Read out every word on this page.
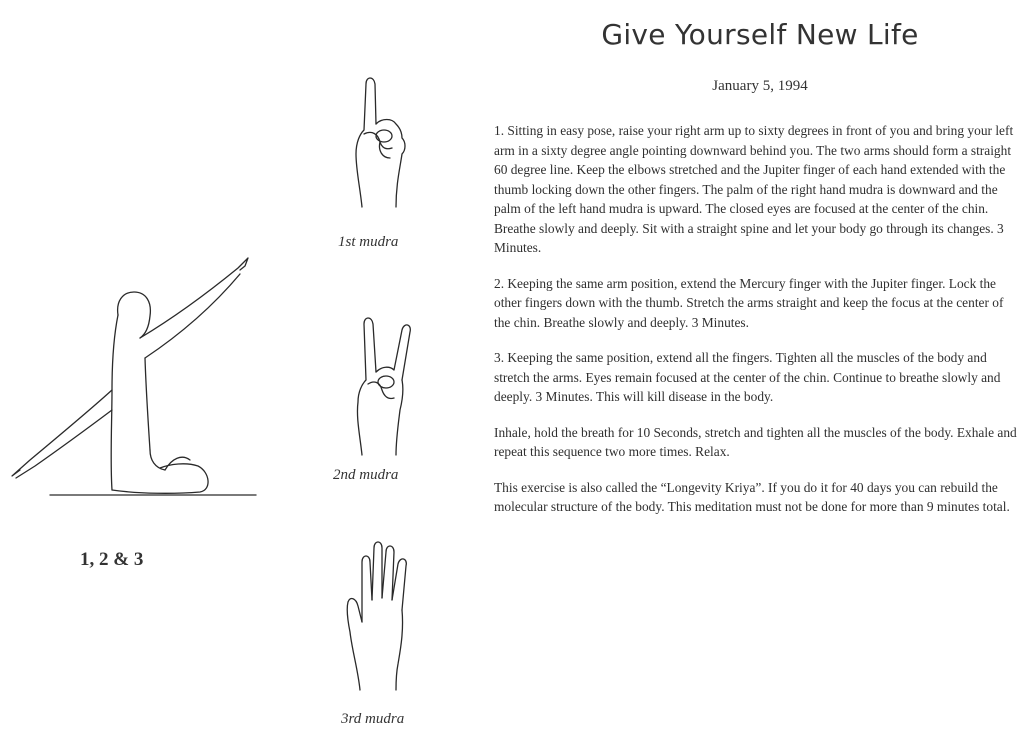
Give Yourself New Life
January 5, 1994
1, 2 & 3
1st mudra
2nd mudra
3rd mudra

1. Sitting in easy pose, raise your right arm up to sixty degrees in front of you and bring your left arm in a sixty degree angle pointing downward behind you. The two arms should form a straight 60 degree line. Keep the elbows stretched and the Jupiter finger of each hand extended with the thumb locking down the other fingers. The palm of the right hand mudra is downward and the palm of the left hand mudra is upward. The closed eyes are focused at the center of the chin. Breathe slowly and deeply. Sit with a straight spine and let your body go through its changes. 3 Minutes.

2. Keeping the same arm position, extend the Mercury finger with the Jupiter finger. Lock the other fingers down with the thumb. Stretch the arms straight and keep the focus at the center of the chin. Breathe slowly and deeply. 3 Minutes.

3. Keeping the same position, extend all the fingers. Tighten all the muscles of the body and stretch the arms. Eyes remain focused at the center of the chin. Continue to breathe slowly and deeply. 3 Minutes. This will kill disease in the body.

Inhale, hold the breath for 10 Seconds, stretch and tighten all the muscles of the body. Exhale and repeat this sequence two more times. Relax.

This exercise is also called the “Longevity Kriya”. If you do it for 40 days you can rebuild the molecular structure of the body. This meditation must not be done for more than 9 minutes total.
